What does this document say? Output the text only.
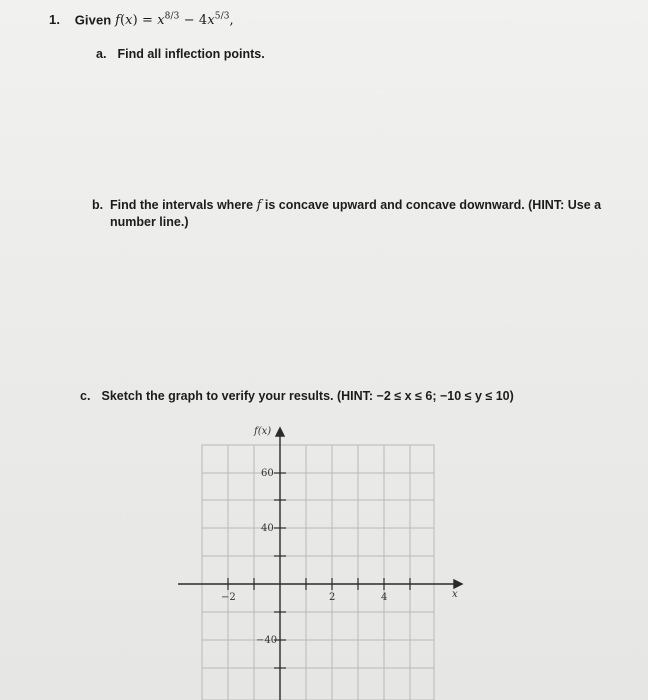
1. Given $f(x) = x^{8/3} - 4x^{5/3}$,
a. Find all inflection points.
b. Find the intervals where f is concave upward and concave downward. (HINT: Use a number line.)
c. Sketch the graph to verify your results. (HINT: −2 ≤ x ≤ 6; −10 ≤ y ≤ 10)
f(x)
x
60
40
−40
−2	2	4
